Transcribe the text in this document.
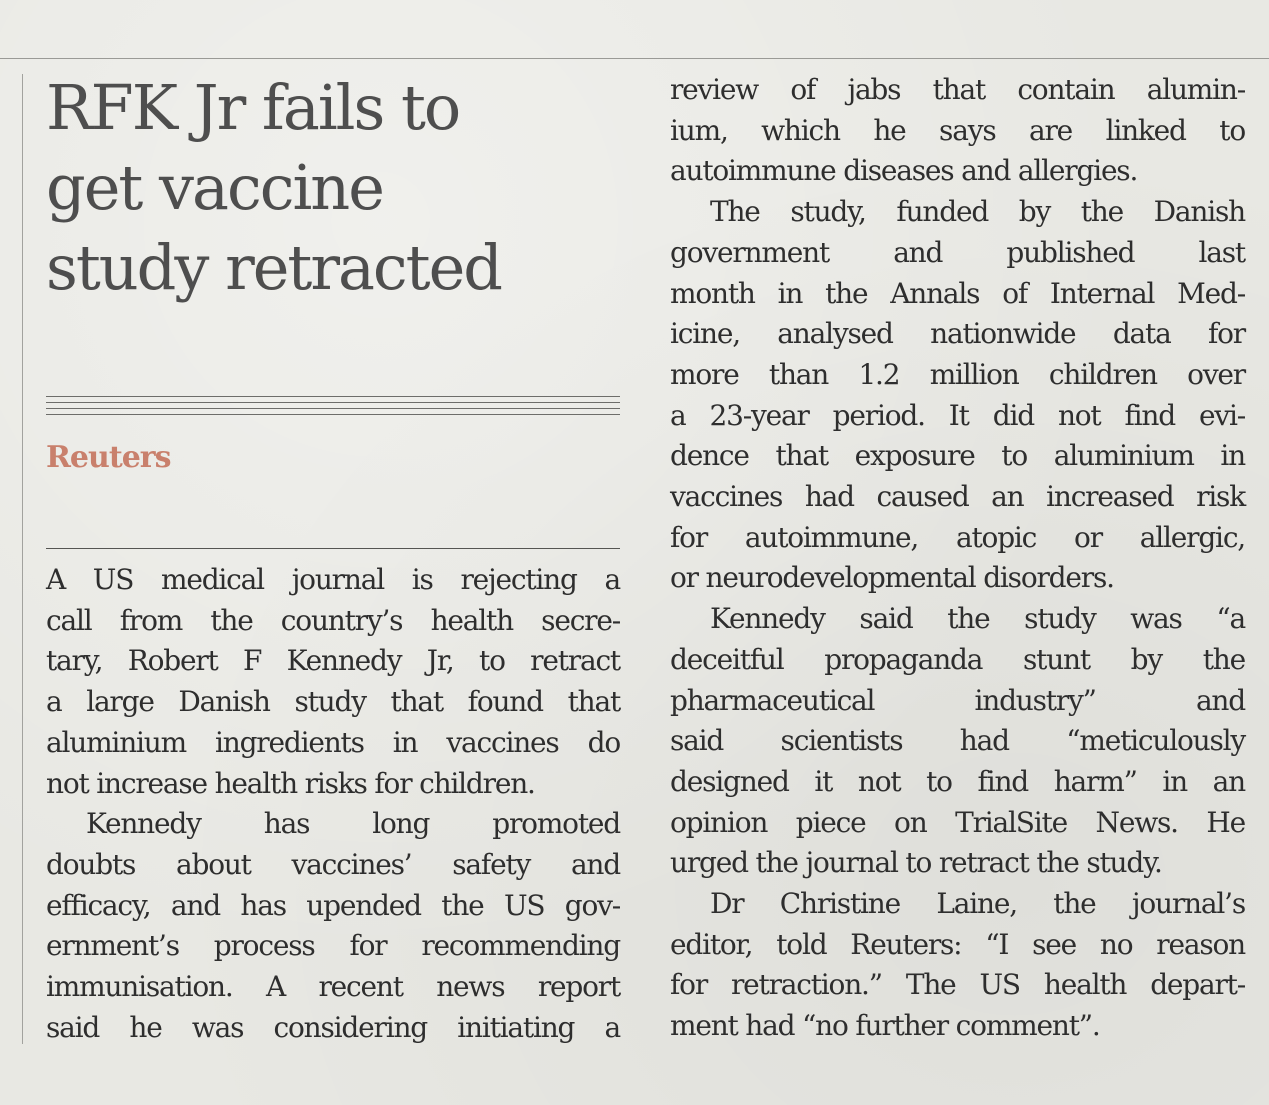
RFK Jr fails to
get vaccine
study retracted
Reuters
A US medical journal is rejecting a
call from the country’s health secre-
tary, Robert F Kennedy Jr, to retract
a large Danish study that found that
aluminium ingredients in vaccines do
not increase health risks for children.
Kennedy has long promoted
doubts about vaccines’ safety and
efficacy, and has upended the US gov-
ernment’s process for recommending
immunisation. A recent news report
said he was considering initiating a
review of jabs that contain alumin-
ium, which he says are linked to
autoimmune diseases and allergies.
The study, funded by the Danish
government and published last
month in the Annals of Internal Med-
icine, analysed nationwide data for
more than 1.2 million children over
a 23-year period. It did not find evi-
dence that exposure to aluminium in
vaccines had caused an increased risk
for autoimmune, atopic or allergic,
or neurodevelopmental disorders.
Kennedy said the study was “a
deceitful propaganda stunt by the
pharmaceutical industry” and
said scientists had “meticulously
designed it not to find harm” in an
opinion piece on TrialSite News. He
urged the journal to retract the study.
Dr Christine Laine, the journal’s
editor, told Reuters: “I see no reason
for retraction.” The US health depart-
ment had “no further comment”.
